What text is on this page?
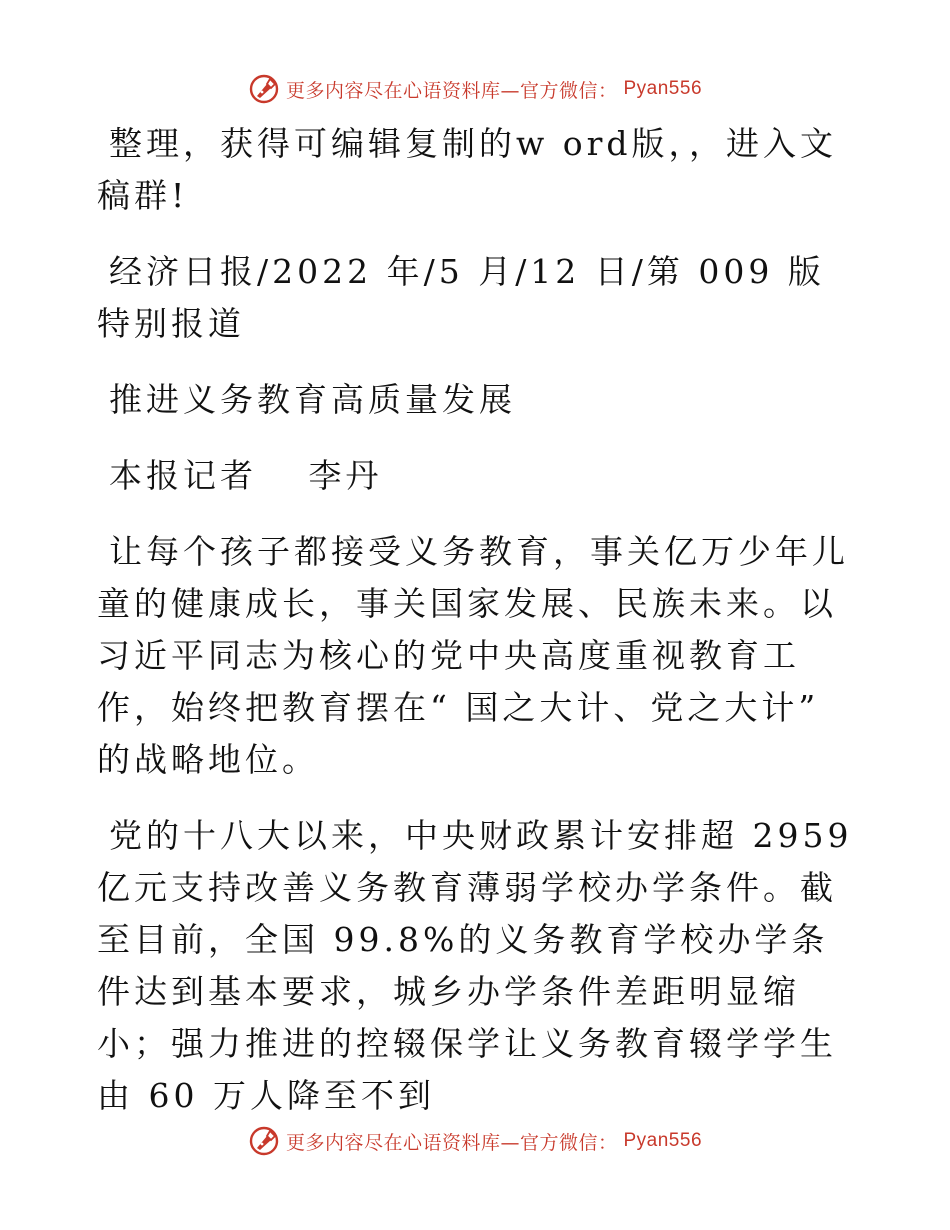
更多内容尽在心语资料库—官方微信： Pyan556

整理，获得可编辑复制的w ord版，，进入文稿群!

经济日报/2022 年/5 月/12 日/第 009 版特别报道

推进义务教育高质量发展

本报记者 　李丹

让每个孩子都接受义务教育，事关亿万少年儿童的健康成长，事关国家发展、民族未来。以习近平同志为核心的党中央高度重视教育工作，始终把教育摆在“ 国之大计、党之大计” 的战略地位。

党的十八大以来，中央财政累计安排超 2959 亿元支持改善义务教育薄弱学校办学条件。截至目前，全国 99.8%的义务教育学校办学条件达到基本要求，城乡办学条件差距明显缩小；强力推进的控辍保学让义务教育辍学学生由 60 万人降至不到

更多内容尽在心语资料库—官方微信： Pyan556
